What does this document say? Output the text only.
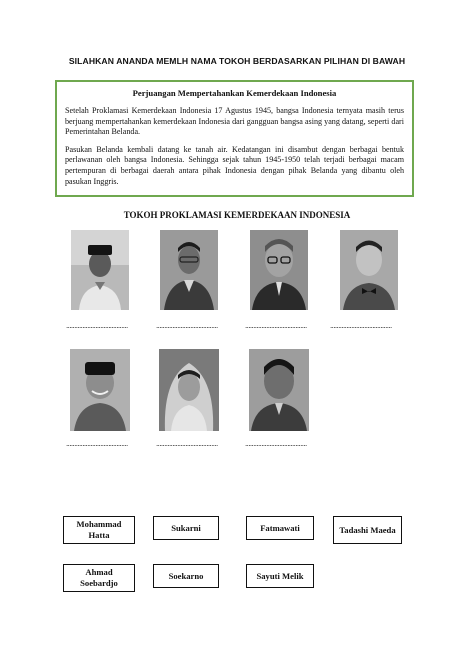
SILAHKAN ANANDA MEMLH NAMA TOKOH BERDASARKAN PILIHAN DI BAWAH
Perjuangan Mempertahankan Kemerdekaan Indonesia

Setelah Proklamasi Kemerdekaan Indonesia 17 Agustus 1945, bangsa Indonesia ternyata masih terus berjuang mempertahankan kemerdekaan Indonesia dari gangguan bangsa asing yang datang, seperti dari Pemerintahan Belanda.

Pasukan Belanda kembali datang ke tanah air. Kedatangan ini disambut dengan berbagai bentuk perlawanan oleh bangsa Indonesia. Sehingga sejak tahun 1945-1950 telah terjadi berbagai macam pertempuran di berbagai daerah antara pihak Indonesia dengan pihak Belanda yang dibantu oleh pasukan Inggris.

TOKOH PROKLAMASI KEMERDEKAAN INDONESIA
......................................	......................................	......................................	......................................
......................................	......................................	......................................
Mohammad Hatta
Sukarni	Fatmawati	Tadashi Maeda
Ahmad Soebardjo
Soekarno	Sayuti Melik
